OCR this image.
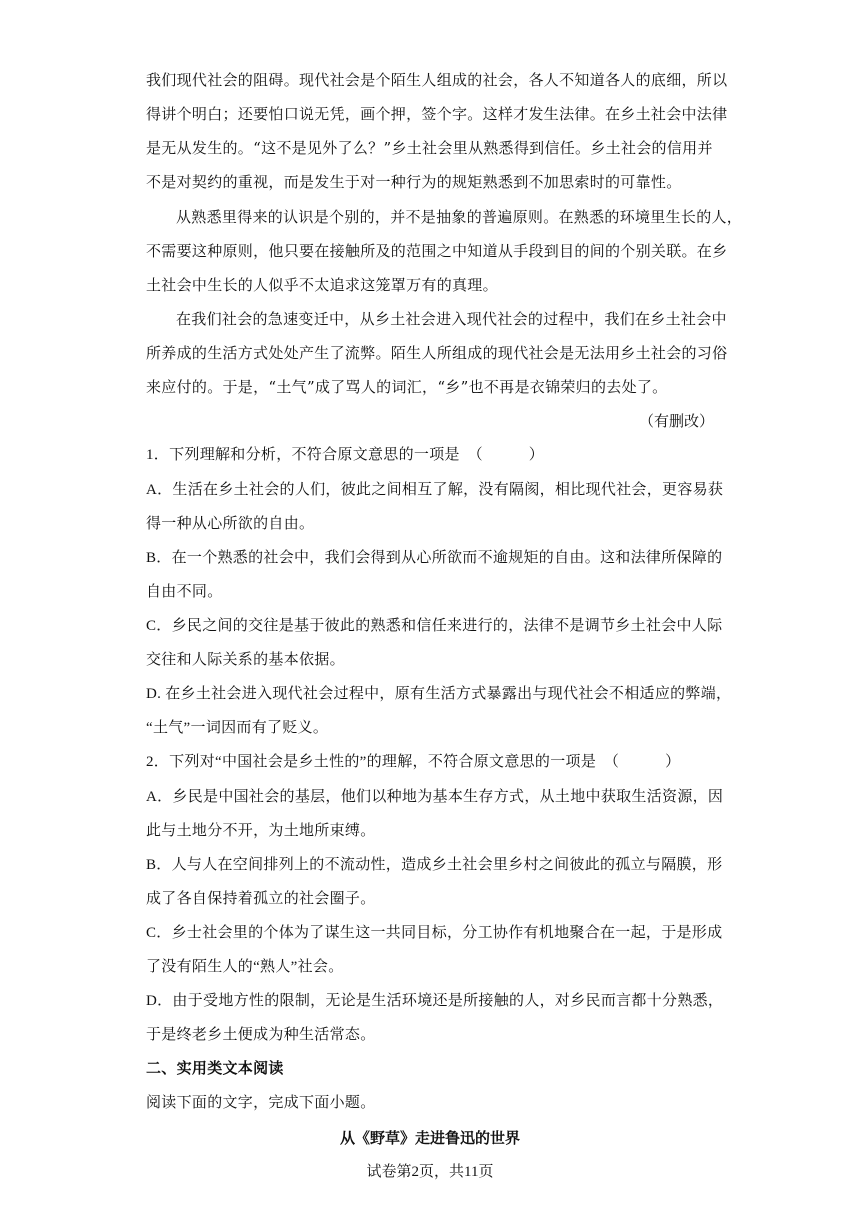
我们现代社会的阻碍。现代社会是个陌生人组成的社会，各人不知道各人的底细，所以
得讲个明白；还要怕口说无凭，画个押，签个字。这样才发生法律。在乡土社会中法律
是无从发生的。“这不是见外了么？”乡土社会里从熟悉得到信任。乡土社会的信用并
不是对契约的重视，而是发生于对一种行为的规矩熟悉到不加思索时的可靠性。
从熟悉里得来的认识是个别的，并不是抽象的普遍原则。在熟悉的环境里生长的人，
不需要这种原则，他只要在接触所及的范围之中知道从手段到目的间的个别关联。在乡
土社会中生长的人似乎不太追求这笼罩万有的真理。
在我们社会的急速变迁中，从乡土社会进入现代社会的过程中，我们在乡土社会中
所养成的生活方式处处产生了流弊。陌生人所组成的现代社会是无法用乡土社会的习俗
来应付的。于是，“土气”成了骂人的词汇，“乡”也不再是衣锦荣归的去处了。
（有删改）
1．下列理解和分析，不符合原文意思的一项是　（　　　）
A．生活在乡土社会的人们，彼此之间相互了解，没有隔阂，相比现代社会，更容易获
得一种从心所欲的自由。
B．在一个熟悉的社会中，我们会得到从心所欲而不逾规矩的自由。这和法律所保障的
自由不同。
C．乡民之间的交往是基于彼此的熟悉和信任来进行的，法律不是调节乡土社会中人际
交往和人际关系的基本依据。
D. 在乡土社会进入现代社会过程中，原有生活方式暴露出与现代社会不相适应的弊端，
“土气”一词因而有了贬义。
2．下列对“中国社会是乡土性的”的理解，不符合原文意思的一项是　（　　　）
A．乡民是中国社会的基层，他们以种地为基本生存方式，从土地中获取生活资源，因
此与土地分不开，为土地所束缚。
B．人与人在空间排列上的不流动性，造成乡土社会里乡村之间彼此的孤立与隔膜，形
成了各自保持着孤立的社会圈子。
C．乡士社会里的个体为了谋生这一共同目标，分工协作有机地聚合在一起，于是形成
了没有陌生人的“熟人”社会。
D．由于受地方性的限制，无论是生活环境还是所接触的人，对乡民而言都十分熟悉，
于是终老乡土便成为种生活常态。
二、实用类文本阅读
阅读下面的文字，完成下面小题。
从《野草》走进鲁迅的世界
试卷第2页，共11页
